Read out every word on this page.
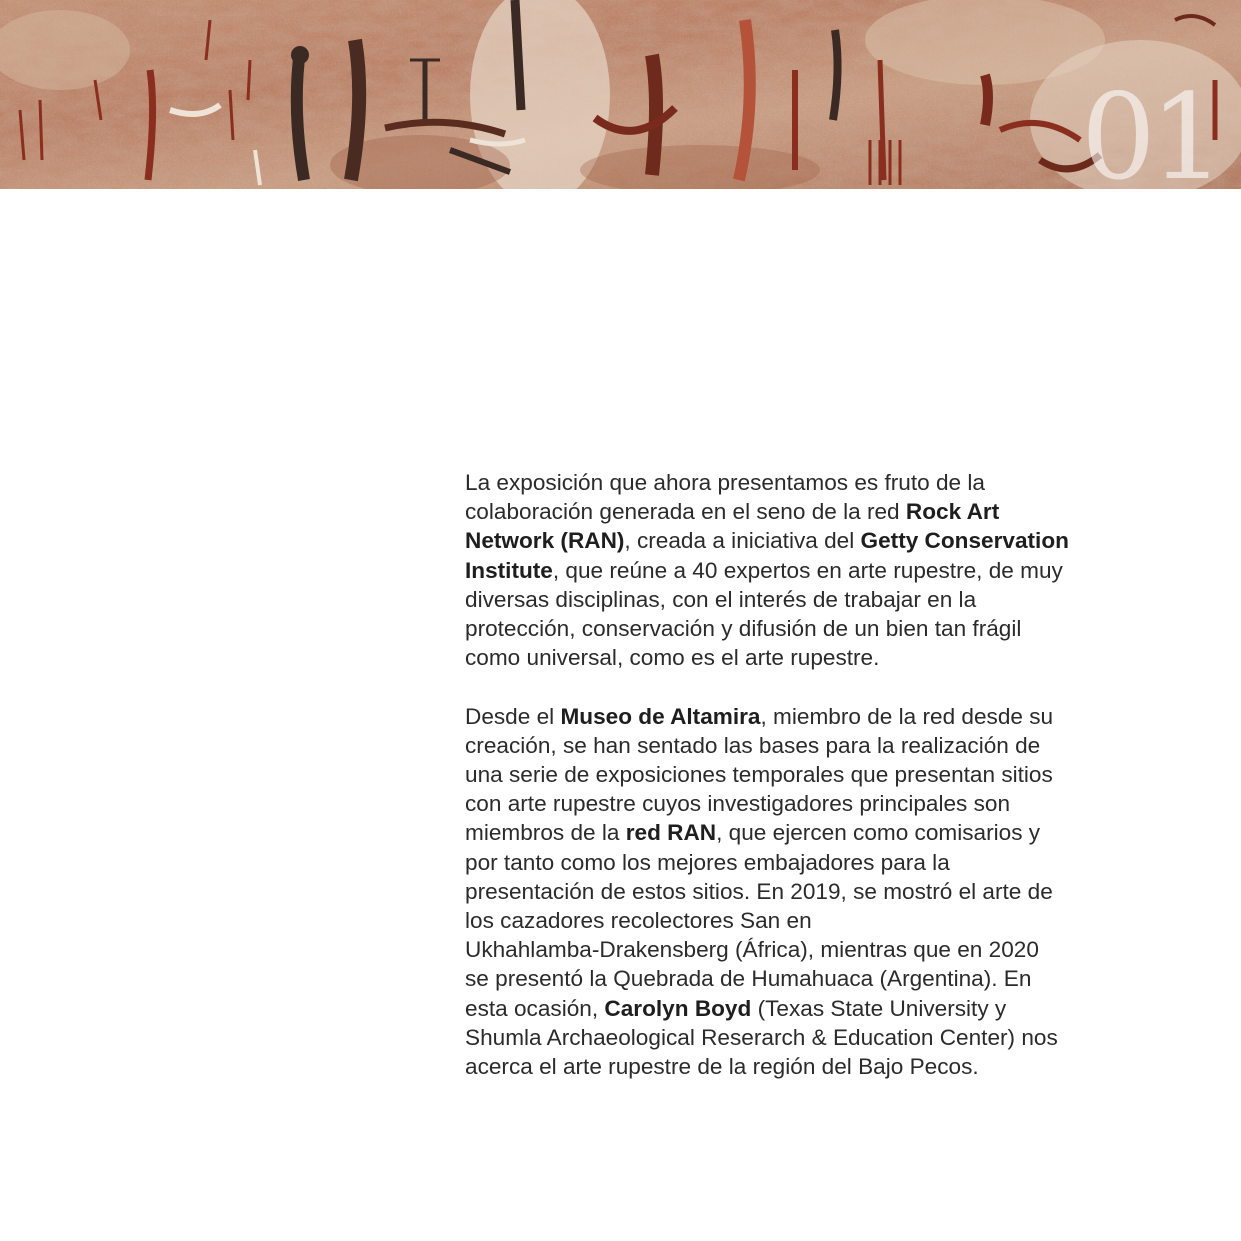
01

La exposición que ahora presentamos es fruto de la

colaboración generada en el seno de la red Rock Art

Network (RAN), creada a iniciativa del Getty Conservation

Institute, que reúne a 40 expertos en arte rupestre, de muy

diversas disciplinas, con el interés de trabajar en la

protección, conservación y difusión de un bien tan frágil

como universal, como es el arte rupestre.

Desde el Museo de Altamira, miembro de la red desde su

creación, se han sentado las bases para la realización de

una serie de exposiciones temporales que presentan sitios

con arte rupestre cuyos investigadores principales son

miembros de la red RAN, que ejercen como comisarios y

por tanto como los mejores embajadores para la

presentación de estos sitios. En 2019, se mostró el arte de

los cazadores recolectores San en

Ukhahlamba-Drakensberg (África), mientras que en 2020

se presentó la Quebrada de Humahuaca (Argentina). En

esta ocasión, Carolyn Boyd (Texas State University y

Shumla Archaeological Reserarch & Education Center) nos

acerca el arte rupestre de la región del Bajo Pecos.
